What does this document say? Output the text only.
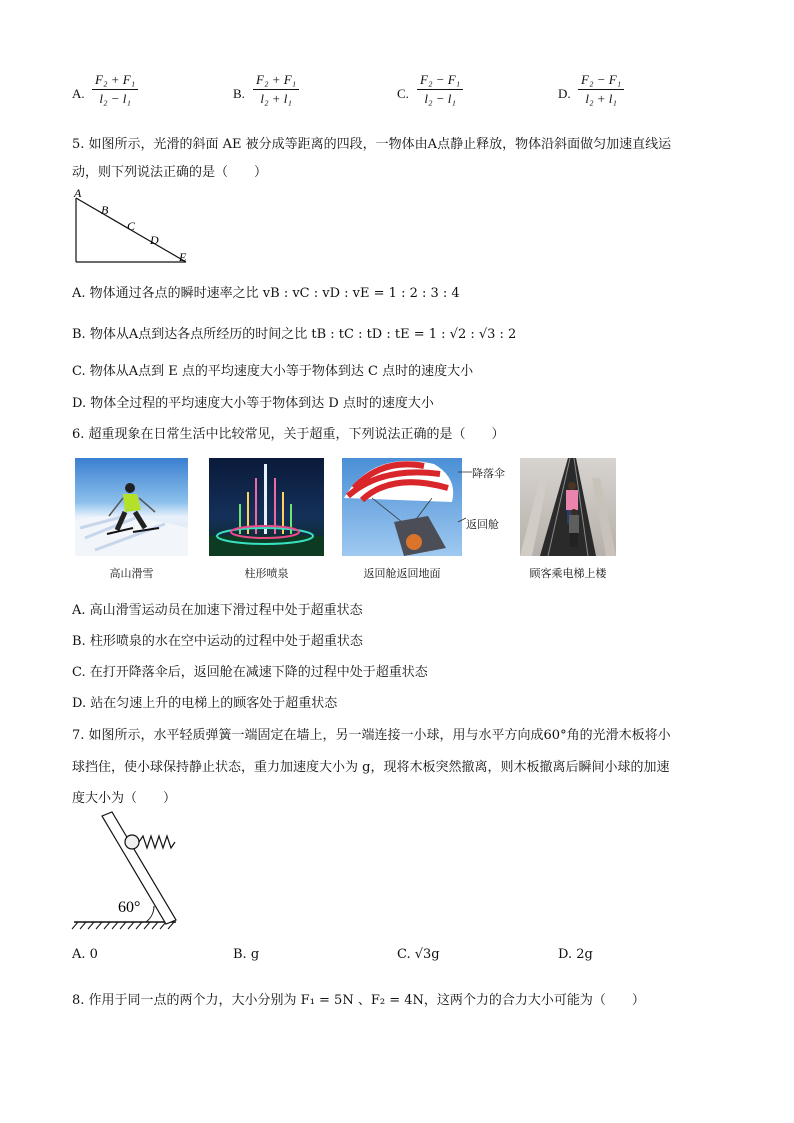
A. $\frac{\text{F₂ + F₁}}{\text{l₂ − l₁}}$	B. $\frac{\text{F₂ + F₁}}{\text{l₂ + l₁}}$	C. $\frac{\text{F₂ − F₁}}{\text{l₂ − l₁}}$	D. $\frac{\text{F₂ − F₁}}{\text{l₂ + l₁}}$
5. 如图所示，光滑的斜面 AE 被分成等距离的四段，一物体由A点静止释放，物体沿斜面做匀加速直线运
动，则下列说法正确的是（　　）
A
B
C
D
E
A. 物体通过各点的瞬时速率之比 vB : vC : vD : vE = 1 : 2 : 3 : 4
B. 物体从A点到达各点所经历的时间之比 tB : tC : tD : tE = 1 : √2 : √3 : 2
C. 物体从A点到 E 点的平均速度大小等于物体到达 C 点时的速度大小
D. 物体全过程的平均速度大小等于物体到达 D 点时的速度大小
6. 超重现象在日常生活中比较常见，关于超重，下列说法正确的是（　　）
高山滑雪	柱形喷泉
降落伞
返回舱
返回舱返回地面	顾客乘电梯上楼
A. 高山滑雪运动员在加速下滑过程中处于超重状态
B. 柱形喷泉的水在空中运动的过程中处于超重状态
C. 在打开降落伞后，返回舱在减速下降的过程中处于超重状态
D. 站在匀速上升的电梯上的顾客处于超重状态
7. 如图所示，水平轻质弹簧一端固定在墙上，另一端连接一小球，用与水平方向成60°角的光滑木板将小
球挡住，使小球保持静止状态，重力加速度大小为 g，现将木板突然撤离，则木板撤离后瞬间小球的加速
度大小为（　　）
60°
A. 0	B. g	C. √3g	D. 2g
8. 作用于同一点的两个力，大小分别为 F₁ = 5N 、F₂ = 4N，这两个力的合力大小可能为（　　）
